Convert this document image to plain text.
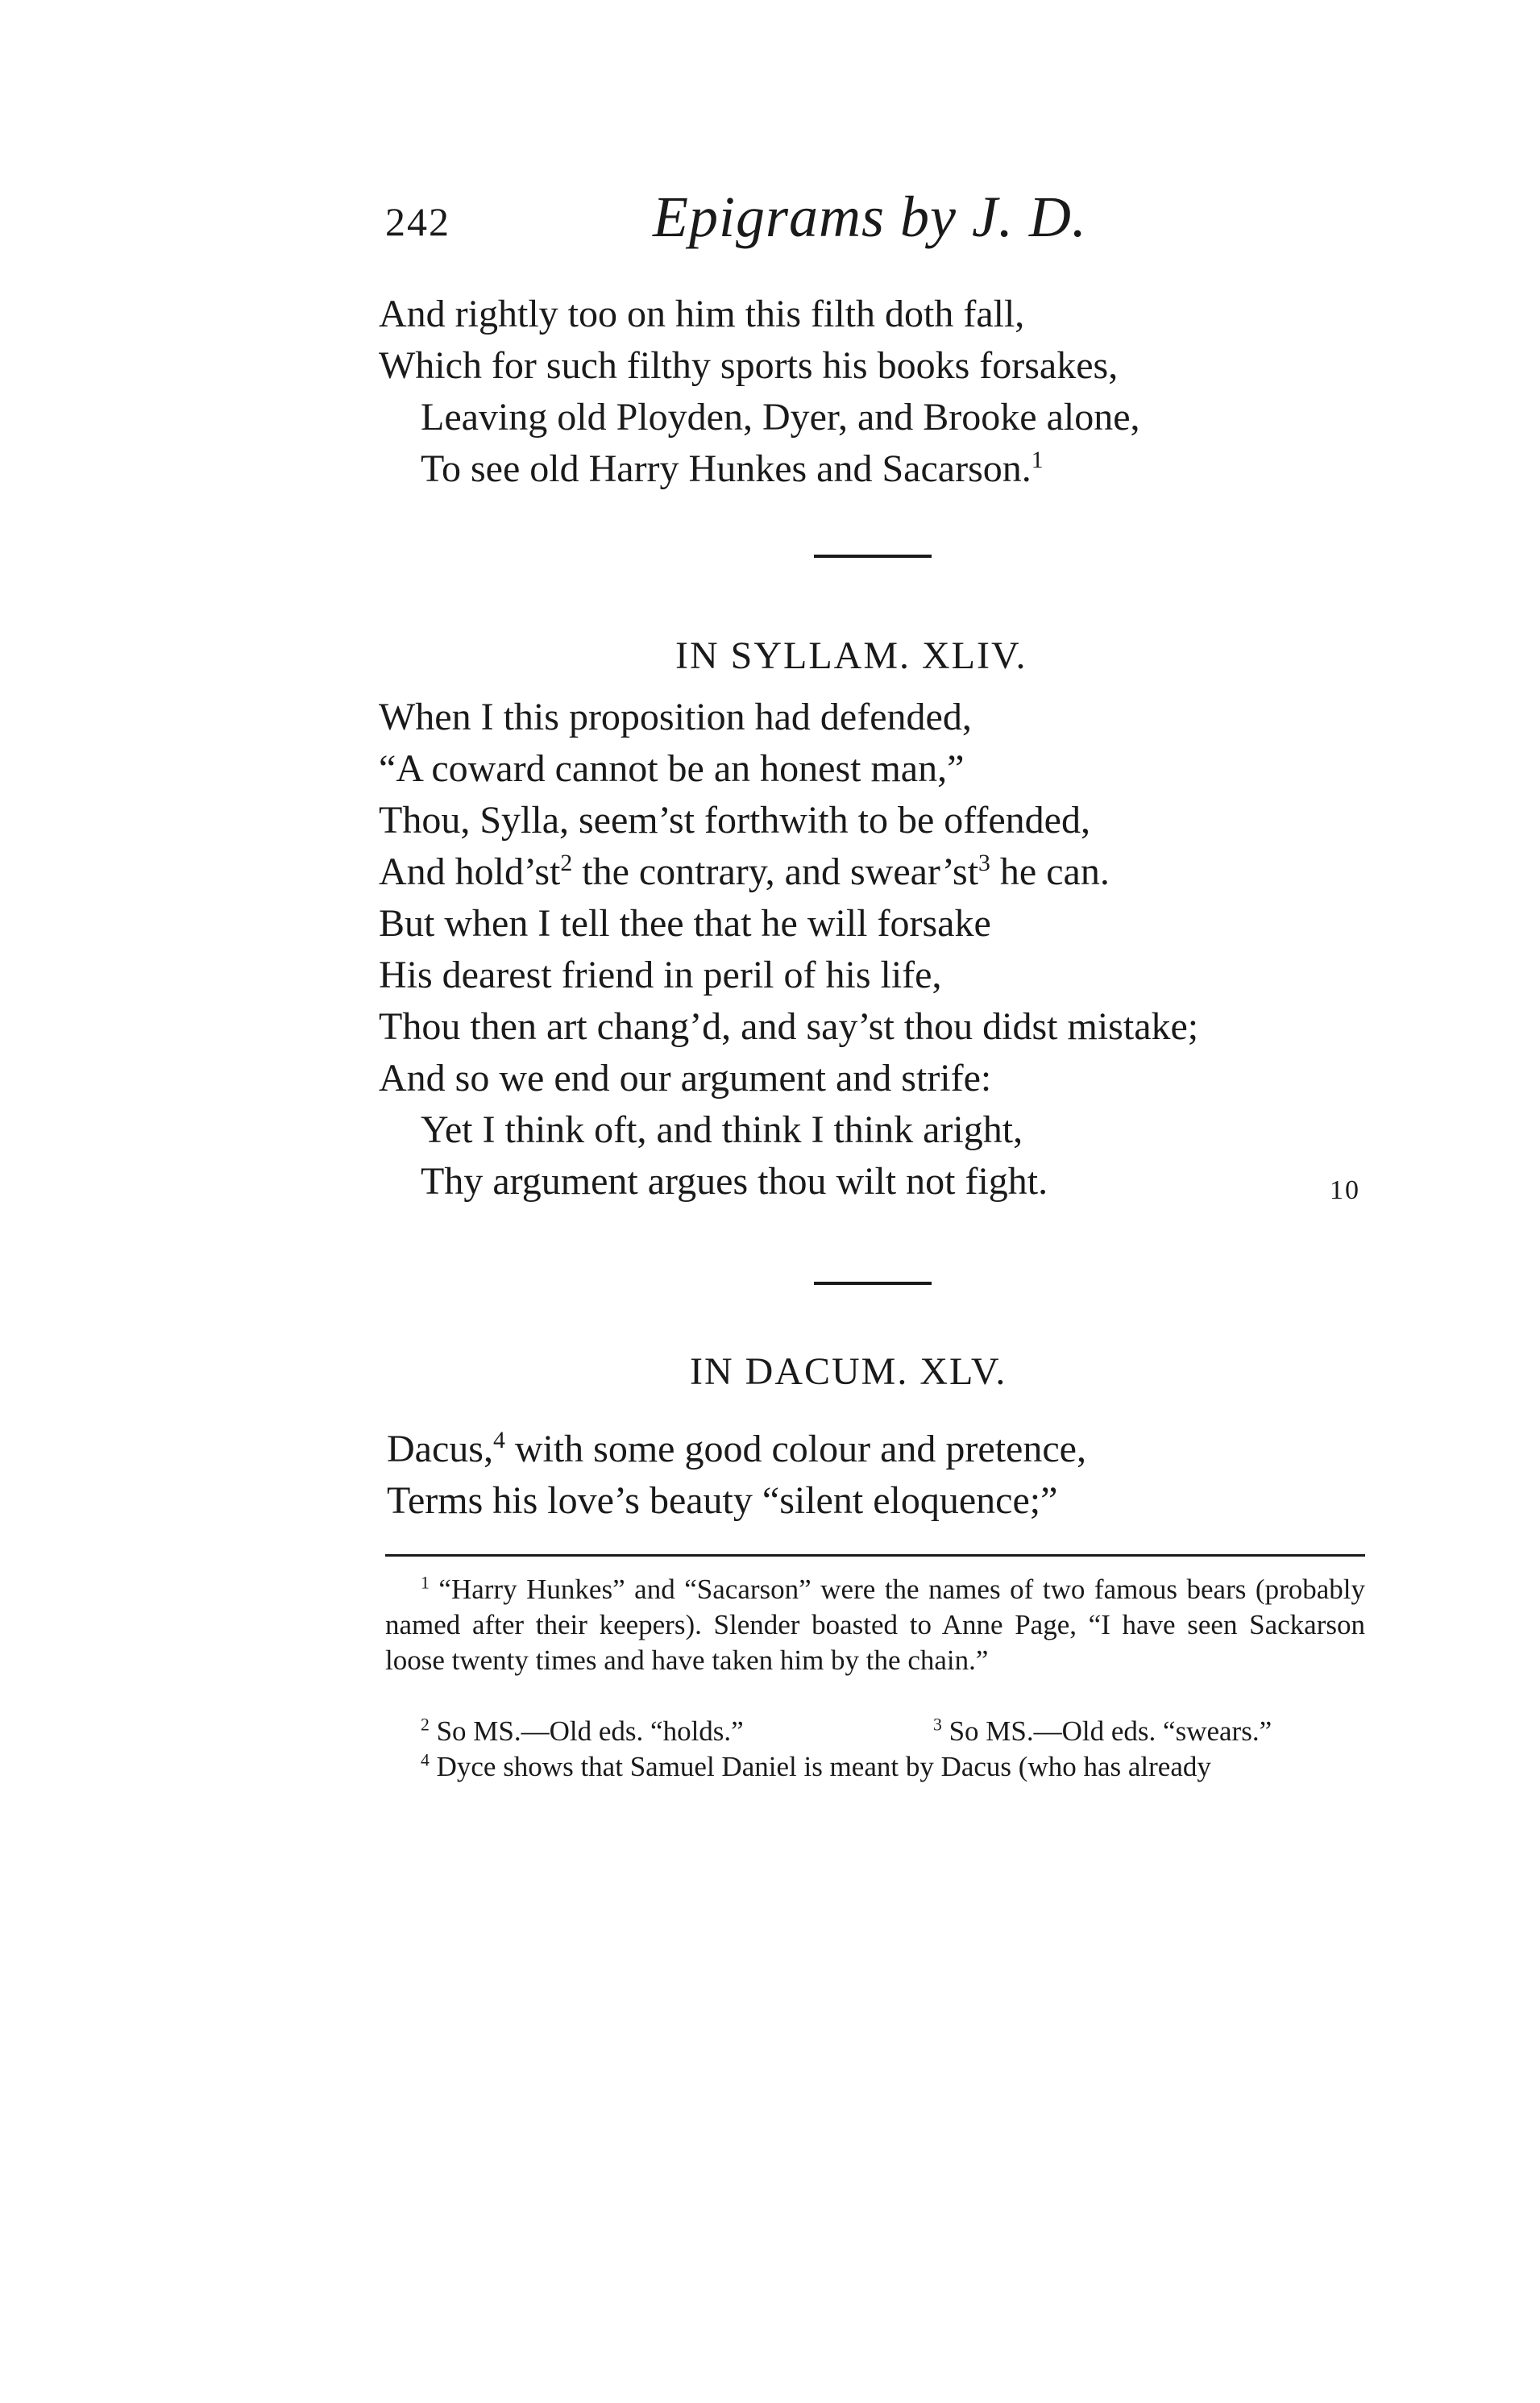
242	Epigrams by J. D.
And rightly too on him this filth doth fall,
Which for such filthy sports his books forsakes,
Leaving old Ployden, Dyer, and Brooke alone,
To see old Harry Hunkes and Sacarson.$^1$
IN SYLLAM. XLIV.
When I this proposition had defended,
“A coward cannot be an honest man,”
Thou, Sylla, seem’st forthwith to be offended,
And $hold’st^2$ the contrary, and $swear’st^3$ he can.
But when I tell thee that he will forsake
His dearest friend in peril of his life,
Thou then art chang’d, and say’st thou didst mistake;
And so we end our argument and strife:
Yet I think oft, and think I think aright,
Thy argument argues thou wilt not fight.	10
IN DACUM. XLV.
Dacus,$^4$ with some good colour and pretence,
Terms his love’s beauty “silent eloquence;”
$^1$ “Harry Hunkes” and “Sacarson” were the names of two famous bears (probably named after their keepers). Slender boasted to Anne Page, “I have seen Sackarson loose twenty times and have taken him by the chain.”
$^2$ So MS.—Old eds. “holds.”	$^3$ So MS.—Old eds. “swears.”
$^4$ Dyce shows that Samuel Daniel is meant by Dacus (who has already
